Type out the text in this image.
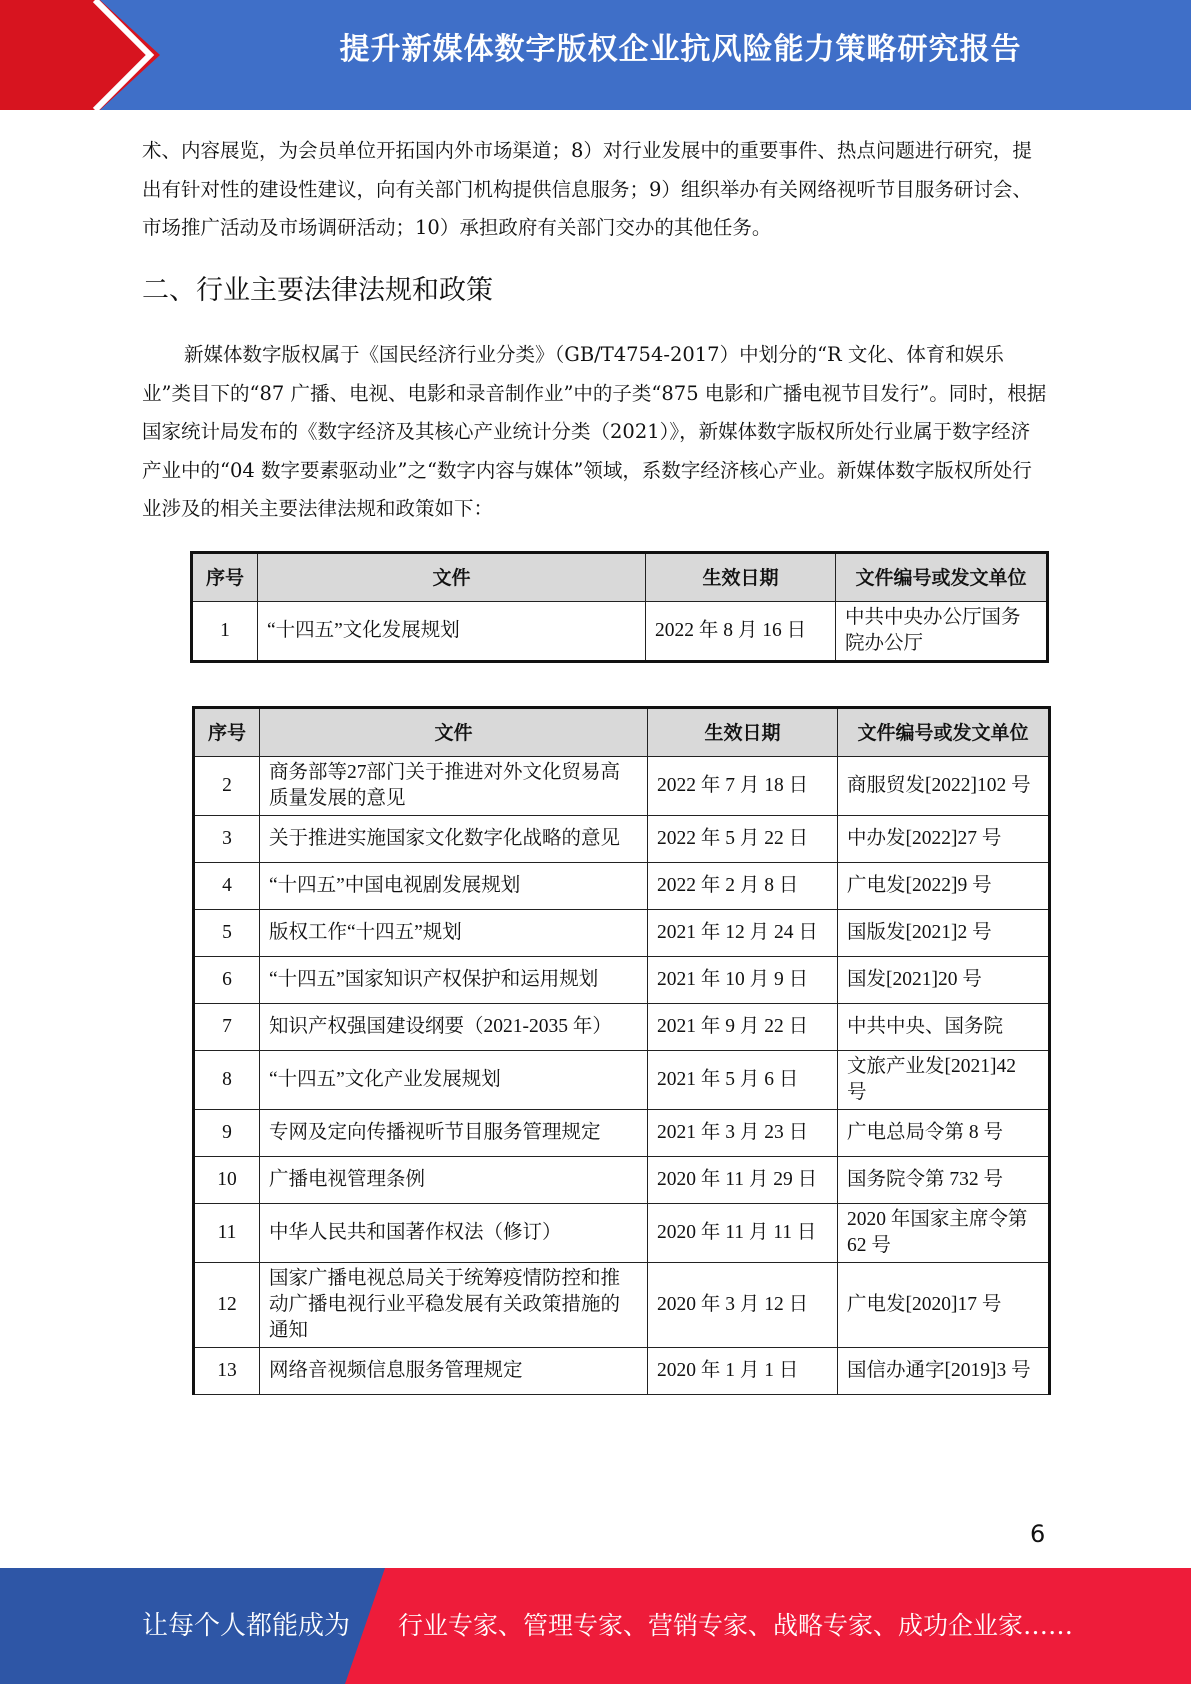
提升新媒体数字版权企业抗风险能力策略研究报告
术、内容展览，为会员单位开拓国内外市场渠道；8）对行业发展中的重要事件、热点问题进行研究，提出有针对性的建设性建议，向有关部门机构提供信息服务；9）组织举办有关网络视听节目服务研讨会、市场推广活动及市场调研活动；10）承担政府有关部门交办的其他任务。
二、行业主要法律法规和政策
新媒体数字版权属于《国民经济行业分类》（GB/T4754-2017）中划分的“R 文化、体育和娱乐业”类目下的“87 广播、电视、电影和录音制作业”中的子类“875 电影和广播电视节目发行”。同时，根据国家统计局发布的《数字经济及其核心产业统计分类（2021）》，新媒体数字版权所处行业属于数字经济产业中的“04 数字要素驱动业”之“数字内容与媒体”领域，系数字经济核心产业。新媒体数字版权所处行业涉及的相关主要法律法规和政策如下：
序号	文件	生效日期	文件编号或发文单位
1	“十四五”文化发展规划	2022 年 8 月 16 日	中共中央办公厅国务院办公厅
序号	文件	生效日期	文件编号或发文单位
2	商务部等27部门关于推进对外文化贸易高质量发展的意见	2022 年 7 月 18 日	商服贸发[2022]102 号
3	关于推进实施国家文化数字化战略的意见	2022 年 5 月 22 日	中办发[2022]27 号
4	“十四五”中国电视剧发展规划	2022 年 2 月 8 日	广电发[2022]9 号
5	版权工作“十四五”规划	2021 年 12 月 24 日	国版发[2021]2 号
6	“十四五”国家知识产权保护和运用规划	2021 年 10 月 9 日	国发[2021]20 号
7	知识产权强国建设纲要（2021-2035 年）	2021 年 9 月 22 日	中共中央、国务院
8	“十四五”文化产业发展规划	2021 年 5 月 6 日	文旅产业发[2021]42 号
9	专网及定向传播视听节目服务管理规定	2021 年 3 月 23 日	广电总局令第 8 号
10	广播电视管理条例	2020 年 11 月 29 日	国务院令第 732 号
11	中华人民共和国著作权法（修订）	2020 年 11 月 11 日	2020 年国家主席令第 62 号
12	国家广播电视总局关于统筹疫情防控和推动广播电视行业平稳发展有关政策措施的通知	2020 年 3 月 12 日	广电发[2020]17 号
13	网络音视频信息服务管理规定	2020 年 1 月 1 日	国信办通字[2019]3 号
6
让每个人都能成为 行业专家、管理专家、营销专家、战略专家、成功企业家……
